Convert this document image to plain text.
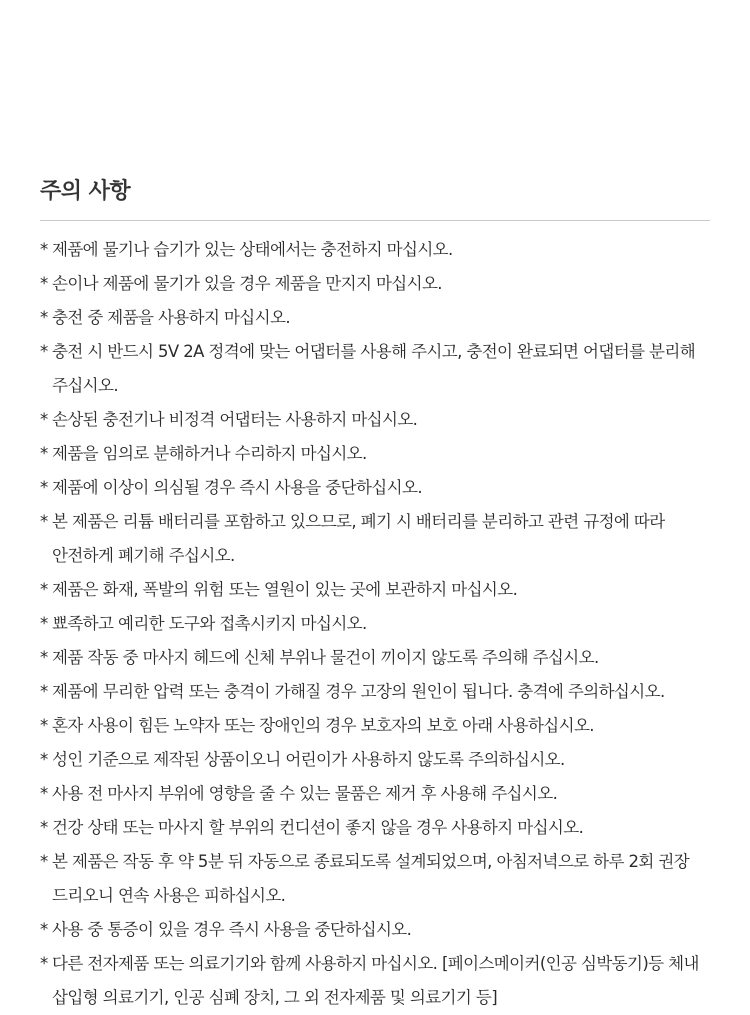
주의 사항
* 제품에 물기나 습기가 있는 상태에서는 충전하지 마십시오.
* 손이나 제품에 물기가 있을 경우 제품을 만지지 마십시오.
* 충전 중 제품을 사용하지 마십시오.
* 충전 시 반드시 5V 2A 정격에 맞는 어댑터를 사용해 주시고, 충전이 완료되면 어댑터를 분리해 주십시오.
* 손상된 충전기나 비정격 어댑터는 사용하지 마십시오.
* 제품을 임의로 분해하거나 수리하지 마십시오.
* 제품에 이상이 의심될 경우 즉시 사용을 중단하십시오.
* 본 제품은 리튬 배터리를 포함하고 있으므로, 폐기 시 배터리를 분리하고 관련 규정에 따라 안전하게 폐기해 주십시오.
* 제품은 화재, 폭발의 위험 또는 열원이 있는 곳에 보관하지 마십시오.
* 뾰족하고 예리한 도구와 접촉시키지 마십시오.
* 제품 작동 중 마사지 헤드에 신체 부위나 물건이 끼이지 않도록 주의해 주십시오.
* 제품에 무리한 압력 또는 충격이 가해질 경우 고장의 원인이 됩니다. 충격에 주의하십시오.
* 혼자 사용이 힘든 노약자 또는 장애인의 경우 보호자의 보호 아래 사용하십시오.
* 성인 기준으로 제작된 상품이오니 어린이가 사용하지 않도록 주의하십시오.
* 사용 전 마사지 부위에 영향을 줄 수 있는 물품은 제거 후 사용해 주십시오.
* 건강 상태 또는 마사지 할 부위의 컨디션이 좋지 않을 경우 사용하지 마십시오.
* 본 제품은 작동 후 약 5분 뒤 자동으로 종료되도록 설계되었으며, 아침저녁으로 하루 2회 권장 드리오니 연속 사용은 피하십시오.
* 사용 중 통증이 있을 경우 즉시 사용을 중단하십시오.
* 다른 전자제품 또는 의료기기와 함께 사용하지 마십시오. [페이스메이커(인공 심박동기)등 체내 삽입형 의료기기, 인공 심폐 장치, 그 외 전자제품 및 의료기기 등]
